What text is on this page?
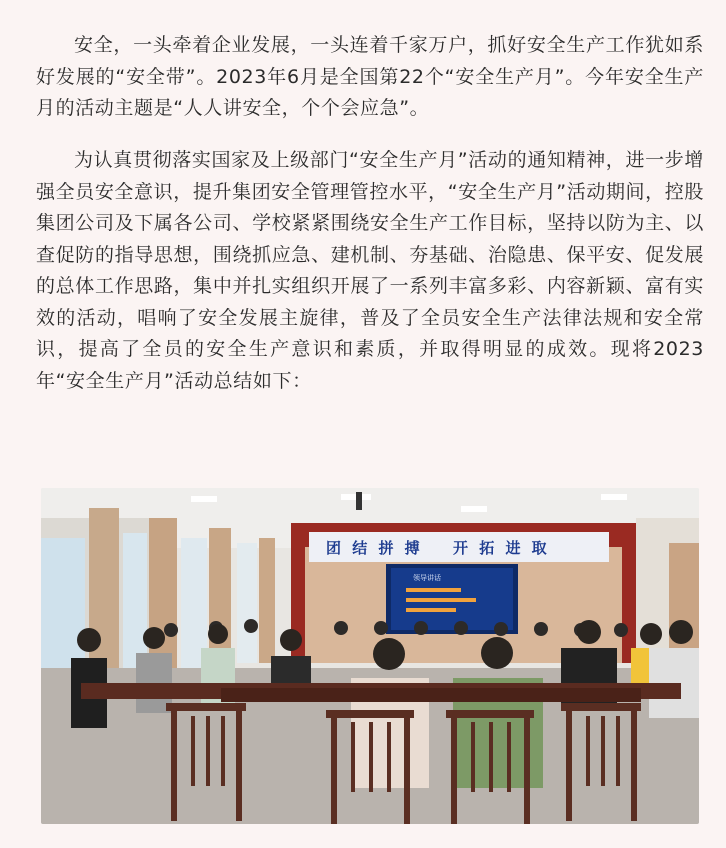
安全，一头牵着企业发展，一头连着千家万户，抓好安全生产工作犹如系好发展的“安全带”。2023年6月是全国第22个“安全生产月”。今年安全生产月的活动主题是“人人讲安全，个个会应急”。

为认真贯彻落实国家及上级部门“安全生产月”活动的通知精神，进一步增强全员安全意识，提升集团安全管理管控水平，“安全生产月”活动期间，控股集团公司及下属各公司、学校紧紧围绕安全生产工作目标，坚持以防为主、以查促防的指导思想，围绕抓应急、建机制、夯基础、治隐患、保平安、促发展的总体工作思路，集中并扎实组织开展了一系列丰富多彩、内容新颖、富有实效的活动，唱响了安全发展主旋律，普及了全员安全生产法律法规和安全常识，提高了全员的安全生产意识和素质，并取得明显的成效。现将2023年“安全生产月”活动总结如下：

团 结 拼 搏 开 拓 进 取
领导讲话
